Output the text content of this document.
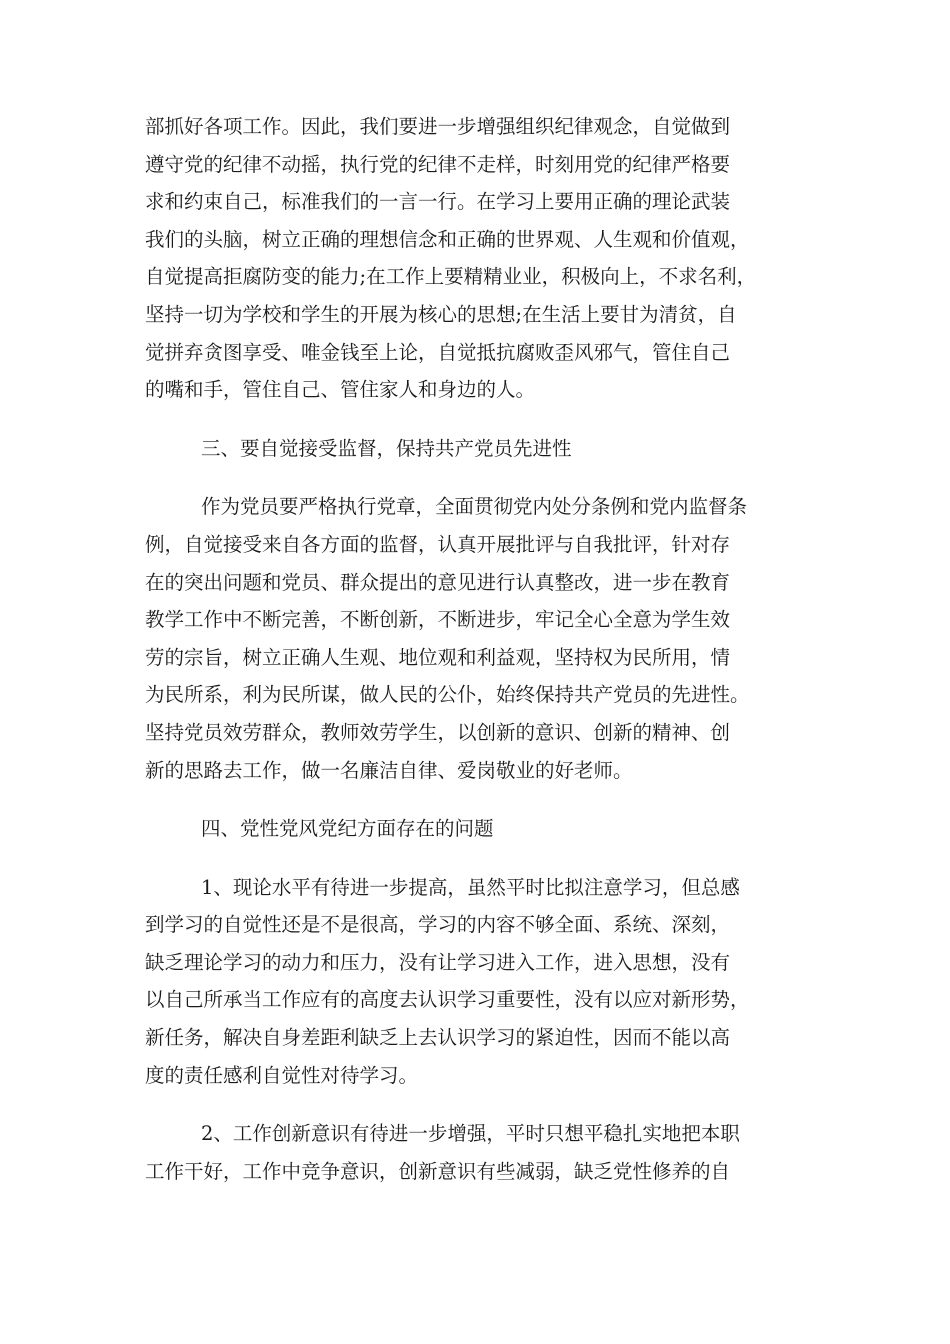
部抓好各项工作。因此，我们要进一步增强组织纪律观念，自觉做到
遵守党的纪律不动摇，执行党的纪律不走样，时刻用党的纪律严格要
求和约束自己，标准我们的一言一行。在学习上要用正确的理论武装
我们的头脑，树立正确的理想信念和正确的世界观、人生观和价值观，
自觉提高拒腐防变的能力;在工作上要精精业业，积极向上，不求名利，
坚持一切为学校和学生的开展为核心的思想;在生活上要甘为清贫，自
觉拼弃贪图享受、唯金钱至上论，自觉抵抗腐败歪风邪气，管住自己
的嘴和手，管住自己、管住家人和身边的人。
三、要自觉接受监督，保持共产党员先进性
作为党员要严格执行党章，全面贯彻党内处分条例和党内监督条
例，自觉接受来自各方面的监督，认真开展批评与自我批评，针对存
在的突出问题和党员、群众提出的意见进行认真整改，进一步在教育
教学工作中不断完善，不断创新，不断进步，牢记全心全意为学生效
劳的宗旨，树立正确人生观、地位观和利益观，坚持权为民所用，情
为民所系，利为民所谋，做人民的公仆，始终保持共产党员的先进性。
坚持党员效劳群众，教师效劳学生，以创新的意识、创新的精神、创
新的思路去工作，做一名廉洁自律、爱岗敬业的好老师。
四、党性党风党纪方面存在的问题
1、现论水平有待进一步提高，虽然平时比拟注意学习，但总感
到学习的自觉性还是不是很高，学习的内容不够全面、系统、深刻，
缺乏理论学习的动力和压力，没有让学习进入工作，进入思想，没有
以自己所承当工作应有的高度去认识学习重要性，没有以应对新形势，
新任务，解决自身差距利缺乏上去认识学习的紧迫性，因而不能以高
度的责任感利自觉性对待学习。
2、工作创新意识有待进一步增强，平时只想平稳扎实地把本职
工作干好，工作中竞争意识，创新意识有些减弱，缺乏党性修养的自
